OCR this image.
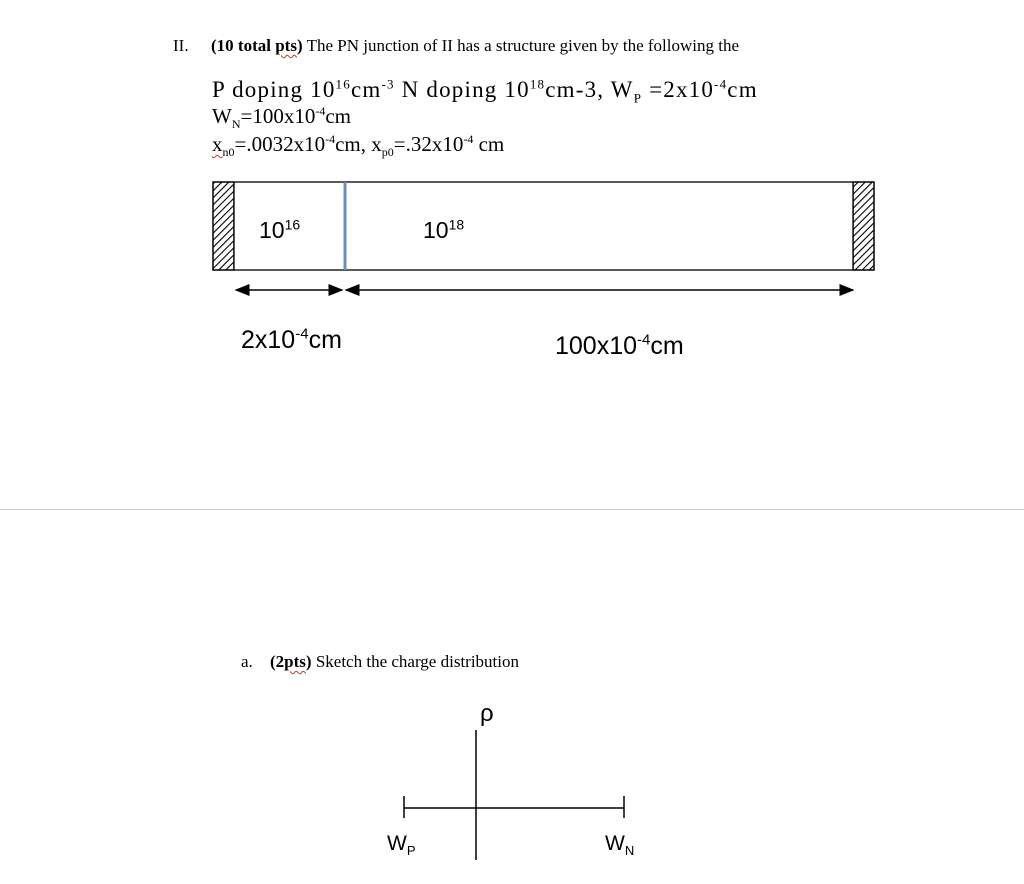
II. (10 total pts) The PN junction of II has a structure given by the following the
P doping $10^{16}cm^{-3}$ N doping $10^{18}cm-3$, $W_P =2x10^{-4}cm$
$W_N=100x10^{-4}cm$
$x_{n0}=.0032x10^{-4}cm$, $x_{p0}=.32x10^{-4}$ cm
$10^{16}$	$10^{18}$
$2x10^{-4}cm$	$100x10^{-4}cm$
a. (2pts) Sketch the charge distribution
ρ
$W_P$	$W_N$
